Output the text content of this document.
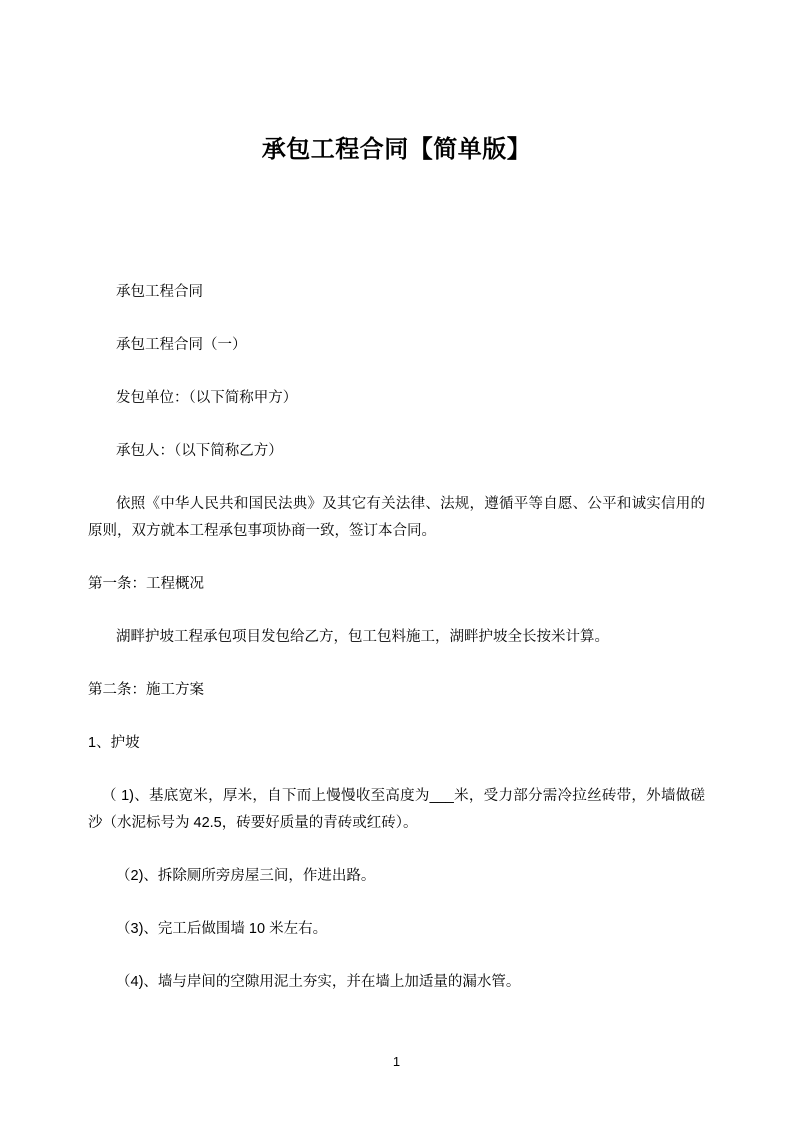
承包工程合同【简单版】

承包工程合同

承包工程合同（一）

发包单位：（以下简称甲方）

承包人：（以下简称乙方）

依照《中华人民共和国民法典》及其它有关法律、法规，遵循平等自愿、公平和诚实信用的原则，双方就本工程承包事项协商一致，签订本合同。

第一条：工程概况

湖畔护坡工程承包项目发包给乙方，包工包料施工，湖畔护坡全长按米计算。

第二条：施工方案

1、护坡

（ 1)、基底宽米，厚米，自下而上慢慢收至高度为___米，受力部分需冷拉丝砖带，外墙做磋沙（水泥标号为 42.5，砖要好质量的青砖或红砖）。

（2)、拆除厕所旁房屋三间，作进出路。

（3)、完工后做围墙 10 米左右。

（4)、墙与岸间的空隙用泥土夯实，并在墙上加适量的漏水管。

1
